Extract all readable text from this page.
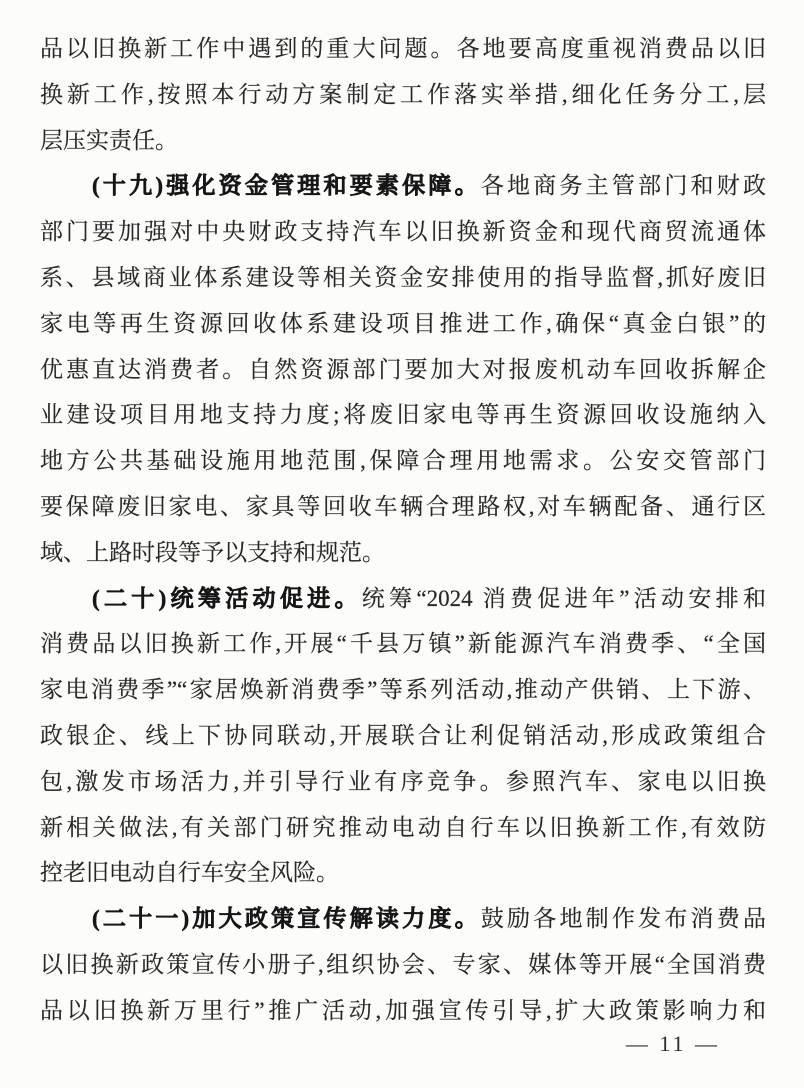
品以旧换新工作中遇到的重大问题。各地要高度重视消费品以旧
换新工作,按照本行动方案制定工作落实举措,细化任务分工,层
层压实责任。
(十九)强化资金管理和要素保障。各地商务主管部门和财政
部门要加强对中央财政支持汽车以旧换新资金和现代商贸流通体
系、县域商业体系建设等相关资金安排使用的指导监督,抓好废旧
家电等再生资源回收体系建设项目推进工作,确保“真金白银”的
优惠直达消费者。自然资源部门要加大对报废机动车回收拆解企
业建设项目用地支持力度;将废旧家电等再生资源回收设施纳入
地方公共基础设施用地范围,保障合理用地需求。公安交管部门
要保障废旧家电、家具等回收车辆合理路权,对车辆配备、通行区
域、上路时段等予以支持和规范。
(二十)统筹活动促进。统筹“2024 消费促进年”活动安排和
消费品以旧换新工作,开展“千县万镇”新能源汽车消费季、“全国
家电消费季”“家居焕新消费季”等系列活动,推动产供销、上下游、
政银企、线上下协同联动,开展联合让利促销活动,形成政策组合
包,激发市场活力,并引导行业有序竞争。参照汽车、家电以旧换
新相关做法,有关部门研究推动电动自行车以旧换新工作,有效防
控老旧电动自行车安全风险。
(二十一)加大政策宣传解读力度。鼓励各地制作发布消费品
以旧换新政策宣传小册子,组织协会、专家、媒体等开展“全国消费
品以旧换新万里行”推广活动,加强宣传引导,扩大政策影响力和
— 11 —
